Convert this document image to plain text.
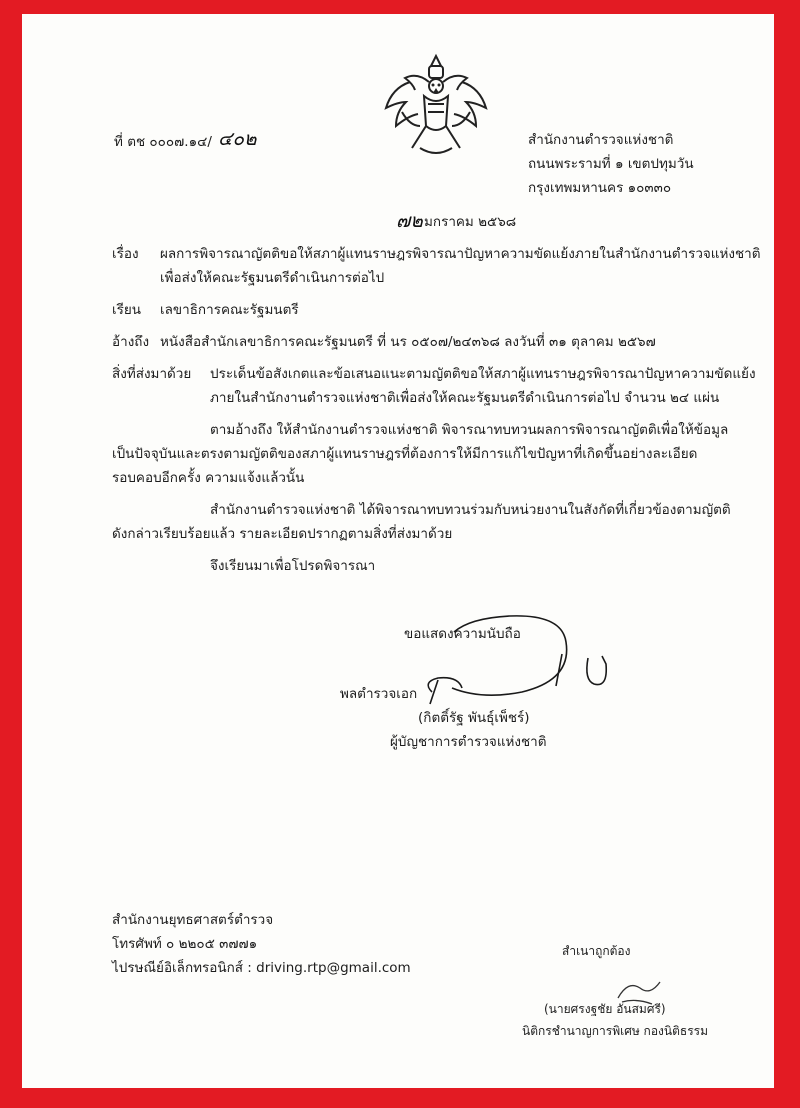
ที่ ตช ๐๐๐๗.๑๔/ ๔๐๒	สำนักงานตำรวจแห่งชาติ
ถนนพระรามที่ ๑ เขตปทุมวัน
กรุงเทพมหานคร ๑๐๓๓๐
๗๒ มกราคม ๒๕๖๘
เรื่อง ผลการพิจารณาญัตติขอให้สภาผู้แทนราษฎรพิจารณาปัญหาความขัดแย้งภายในสำนักงานตำรวจแห่งชาติ
เพื่อส่งให้คณะรัฐมนตรีดำเนินการต่อไป
เรียน เลขาธิการคณะรัฐมนตรี
อ้างถึง หนังสือสำนักเลขาธิการคณะรัฐมนตรี ที่ นร ๐๕๐๗/๒๔๓๖๘ ลงวันที่ ๓๑ ตุลาคม ๒๕๖๗
สิ่งที่ส่งมาด้วย ประเด็นข้อสังเกตและข้อเสนอแนะตามญัตติขอให้สภาผู้แทนราษฎรพิจารณาปัญหาความขัดแย้ง
ภายในสำนักงานตำรวจแห่งชาติเพื่อส่งให้คณะรัฐมนตรีดำเนินการต่อไป จำนวน ๒๔ แผ่น
ตามอ้างถึง ให้สำนักงานตำรวจแห่งชาติ พิจารณาทบทวนผลการพิจารณาญัตติเพื่อให้ข้อมูล
เป็นปัจจุบันและตรงตามญัตติของสภาผู้แทนราษฎรที่ต้องการให้มีการแก้ไขปัญหาที่เกิดขึ้นอย่างละเอียด
รอบคอบอีกครั้ง ความแจ้งแล้วนั้น
สำนักงานตำรวจแห่งชาติ ได้พิจารณาทบทวนร่วมกับหน่วยงานในสังกัดที่เกี่ยวข้องตามญัตติ
ดังกล่าวเรียบร้อยแล้ว รายละเอียดปรากฏตามสิ่งที่ส่งมาด้วย
จึงเรียนมาเพื่อโปรดพิจารณา
ขอแสดงความนับถือ
พลตำรวจเอก
(กิตติ์รัฐ พันธุ์เพ็ชร์)
ผู้บัญชาการตำรวจแห่งชาติ
สำนักงานยุทธศาสตร์ตำรวจ
โทรศัพท์ ๐ ๒๒๐๕ ๓๗๗๑
ไปรษณีย์อิเล็กทรอนิกส์ : driving.rtp@gmail.com
สำเนาถูกต้อง
(นายศรงฐชัย อันสมศรี)
นิติกรชำนาญการพิเศษ กองนิติธรรม
